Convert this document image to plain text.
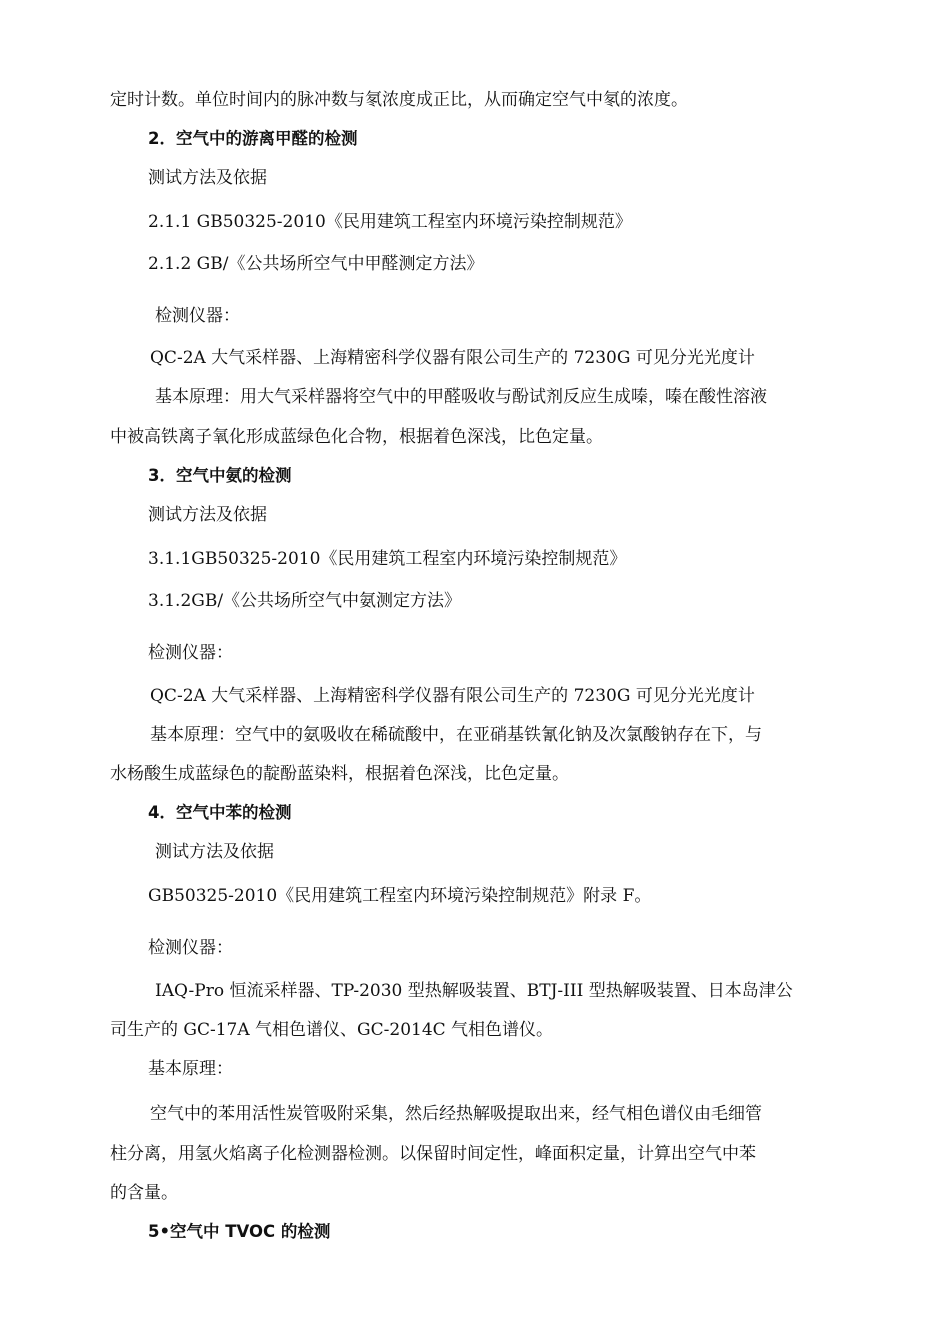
定时计数。单位时间内的脉冲数与氡浓度成正比，从而确定空气中氡的浓度。
2．空气中的游离甲醛的检测
测试方法及依据
2.1.1 GB50325-2010《民用建筑工程室内环境污染控制规范》
2.1.2 GB/《公共场所空气中甲醛测定方法》
检测仪器：
QC-2A 大气采样器、上海精密科学仪器有限公司生产的 7230G 可见分光光度计
基本原理：用大气采样器将空气中的甲醛吸收与酚试剂反应生成嗪，嗪在酸性溶液
中被高铁离子氧化形成蓝绿色化合物，根据着色深浅，比色定量。
3．空气中氨的检测
测试方法及依据
3.1.1GB50325-2010《民用建筑工程室内环境污染控制规范》
3.1.2GB/《公共场所空气中氨测定方法》
检测仪器：
QC-2A 大气采样器、上海精密科学仪器有限公司生产的 7230G 可见分光光度计
基本原理：空气中的氨吸收在稀硫酸中，在亚硝基铁氰化钠及次氯酸钠存在下，与
水杨酸生成蓝绿色的靛酚蓝染料，根据着色深浅，比色定量。
4．空气中苯的检测
测试方法及依据
GB50325-2010《民用建筑工程室内环境污染控制规范》附录 F。
检测仪器：
IAQ-Pro 恒流采样器、TP-2030 型热解吸装置、BTJ-III 型热解吸装置、日本岛津公
司生产的 GC-17A 气相色谱仪、GC-2014C 气相色谱仪。
基本原理：
空气中的苯用活性炭管吸附采集，然后经热解吸提取出来，经气相色谱仪由毛细管
柱分离，用氢火焰离子化检测器检测。以保留时间定性，峰面积定量，计算出空气中苯
的含量。
5•空气中 TVOC 的检测
